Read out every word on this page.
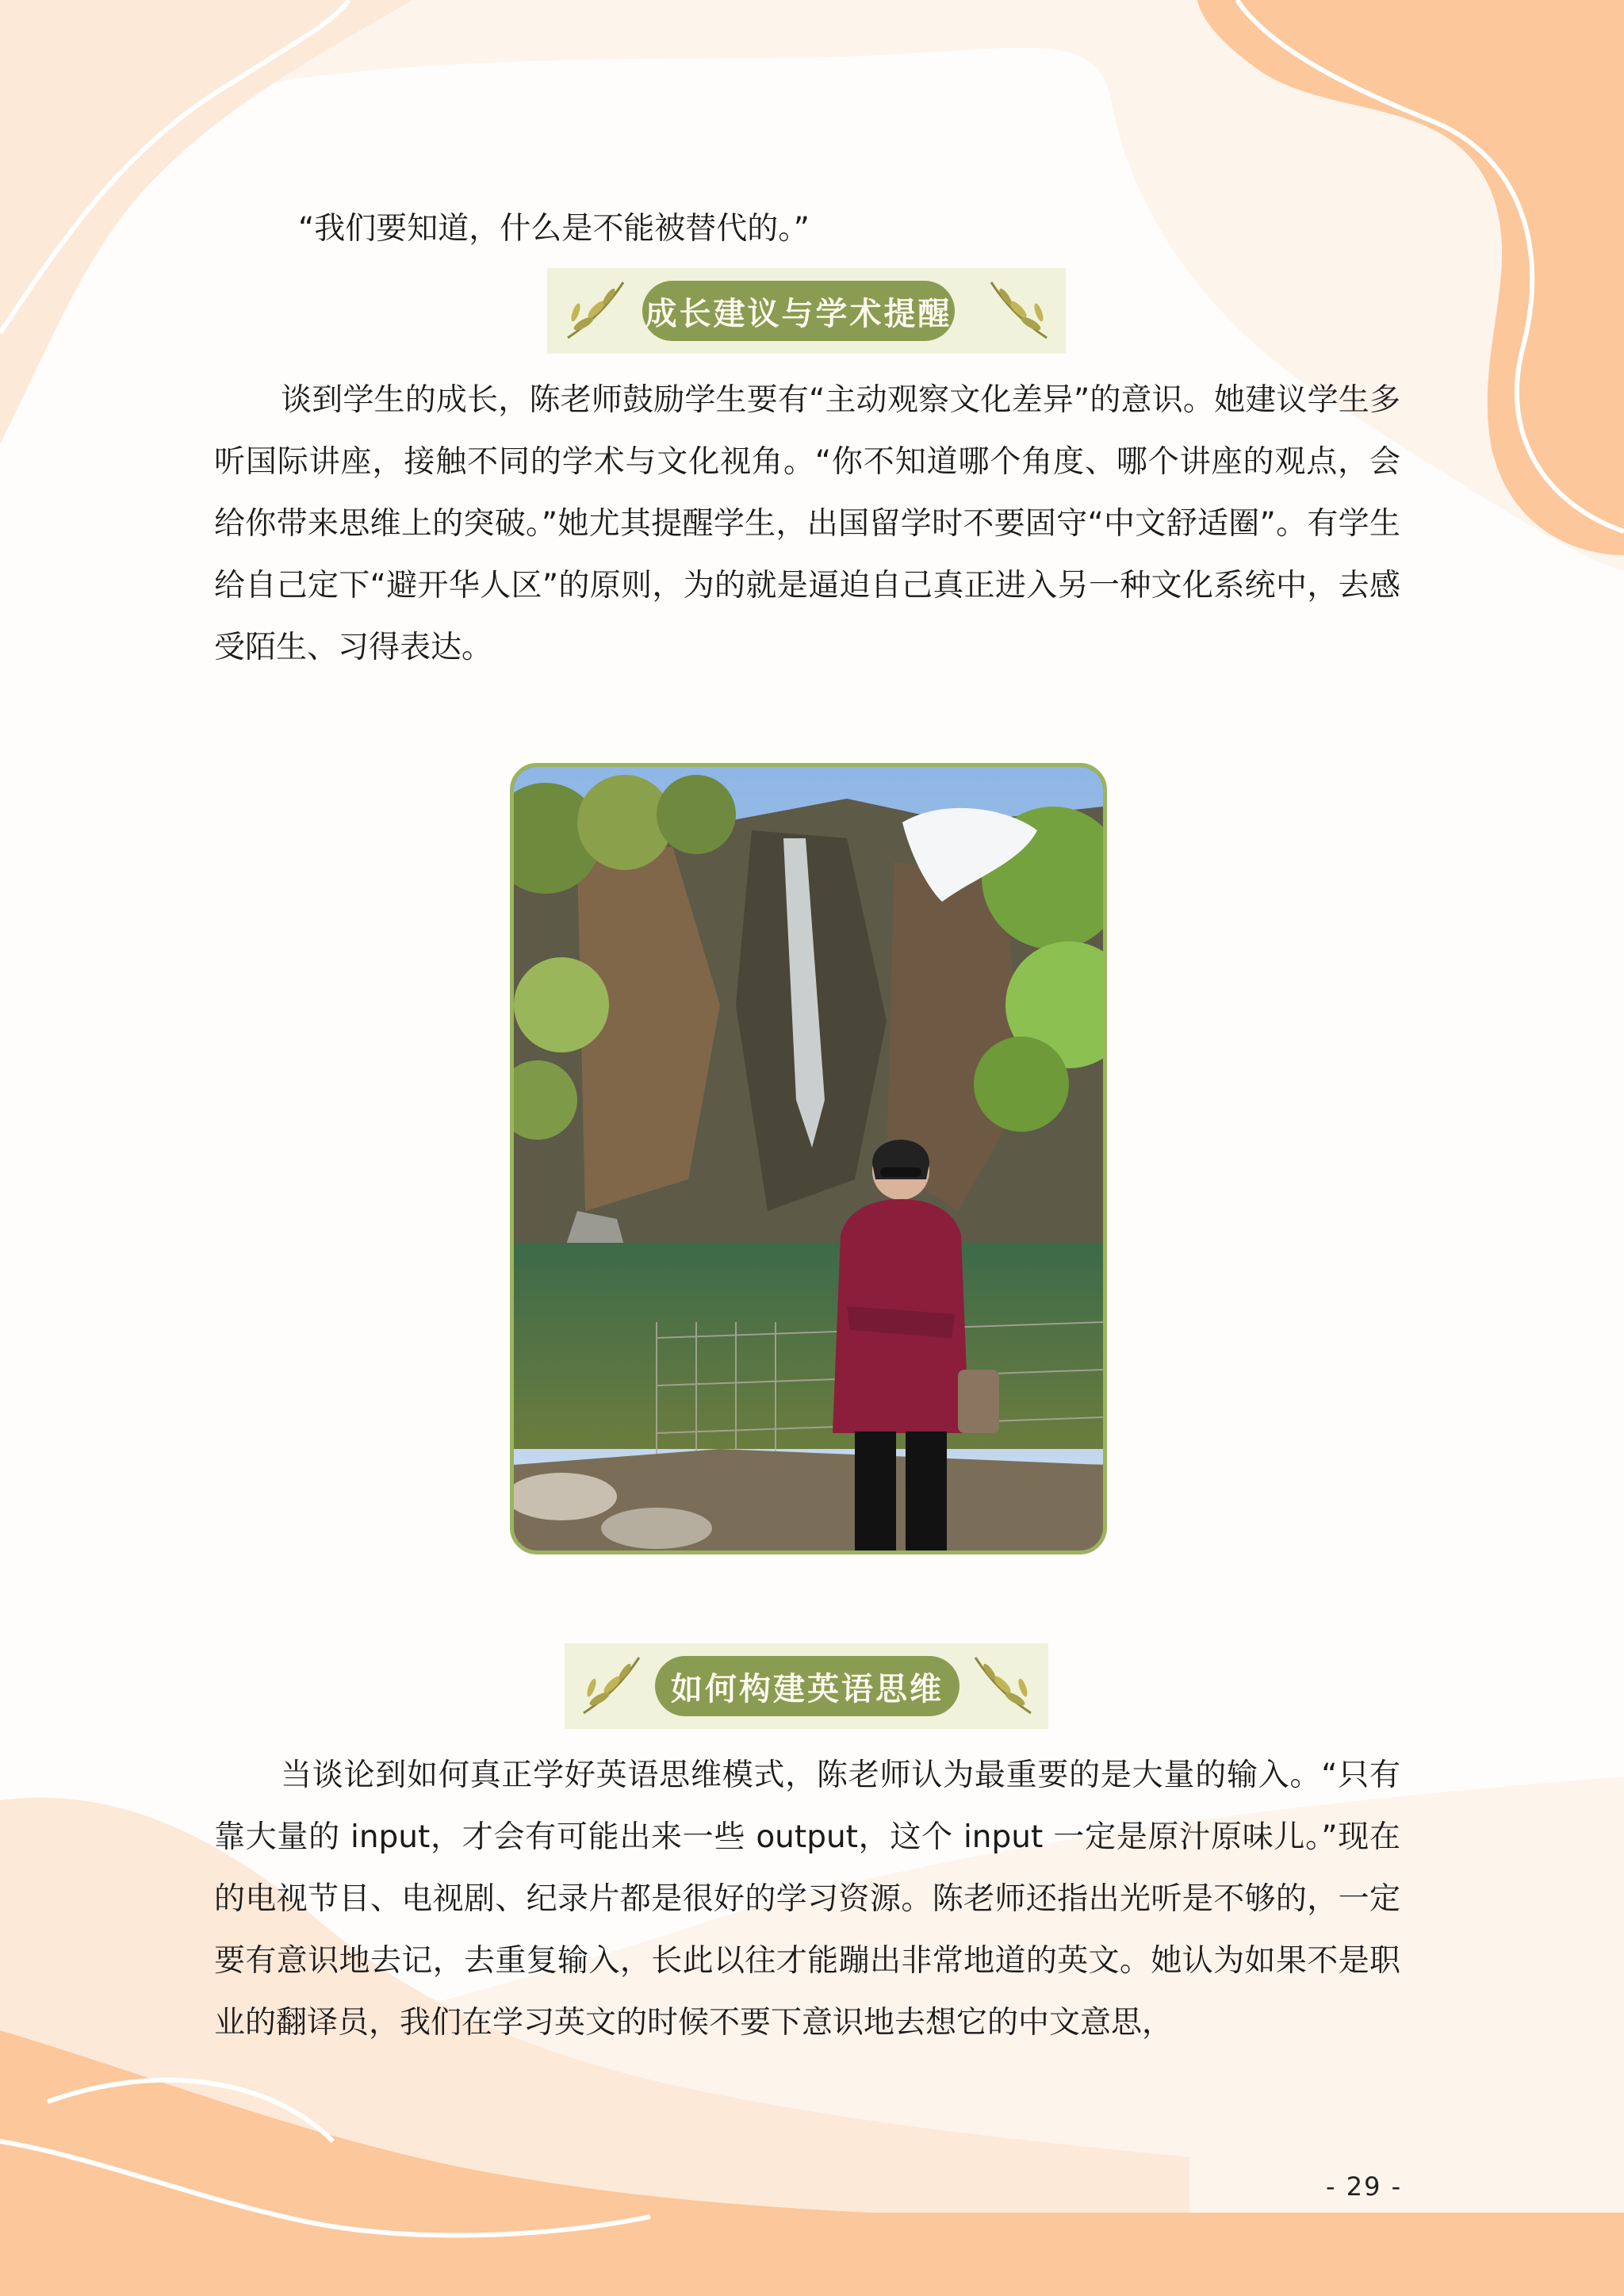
“我们要知道，什么是不能被替代的。”

成长建议与学术提醒

谈到学生的成长，陈老师鼓励学生要有“主动观察文化差异”的意识。她建议学生多听国际讲座，接触不同的学术与文化视角。“你不知道哪个角度、哪个讲座的观点，会给你带来思维上的突破。”她尤其提醒学生，出国留学时不要固守“中文舒适圈”。有学生给自己定下“避开华人区”的原则，为的就是逼迫自己真正进入另一种文化系统中，去感受陌生、习得表达。

如何构建英语思维

当谈论到如何真正学好英语思维模式，陈老师认为最重要的是大量的输入。“只有靠大量的 input，才会有可能出来一些 output，这个 input 一定是原汁原味儿。”现在的电视节目、电视剧、纪录片都是很好的学习资源。陈老师还指出光听是不够的，一定要有意识地去记，去重复输入，长此以往才能蹦出非常地道的英文。她认为如果不是职业的翻译员，我们在学习英文的时候不要下意识地去想它的中文意思，

- 29 -
